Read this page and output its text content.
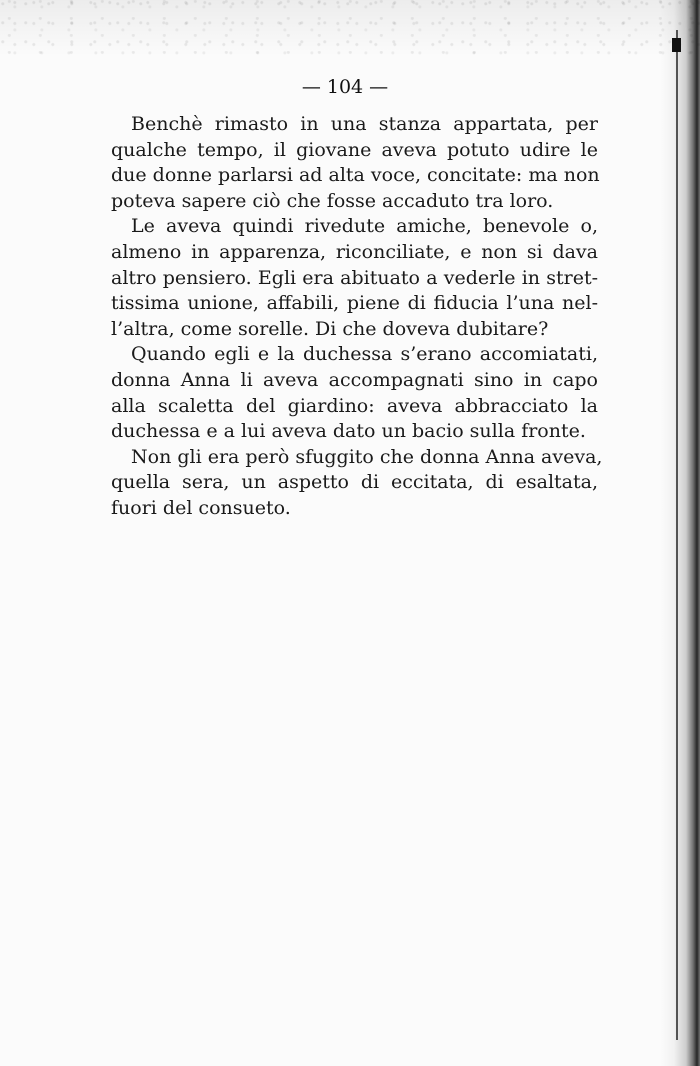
— 104 —
Benchè rimasto in una stanza appartata, per
qualche tempo, il giovane aveva potuto udire le
due donne parlarsi ad alta voce, concitate: ma non
poteva sapere ciò che fosse accaduto tra loro.
Le aveva quindi rivedute amiche, benevole o,
almeno in apparenza, riconciliate, e non si dava
altro pensiero. Egli era abituato a vederle in stret-
tissima unione, affabili, piene di fiducia l’una nel-
l’altra, come sorelle. Di che doveva dubitare?
Quando egli e la duchessa s’erano accomiatati,
donna Anna li aveva accompagnati sino in capo
alla scaletta del giardino: aveva abbracciato la
duchessa e a lui aveva dato un bacio sulla fronte.
Non gli era però sfuggito che donna Anna aveva,
quella sera, un aspetto di eccitata, di esaltata,
fuori del consueto.
